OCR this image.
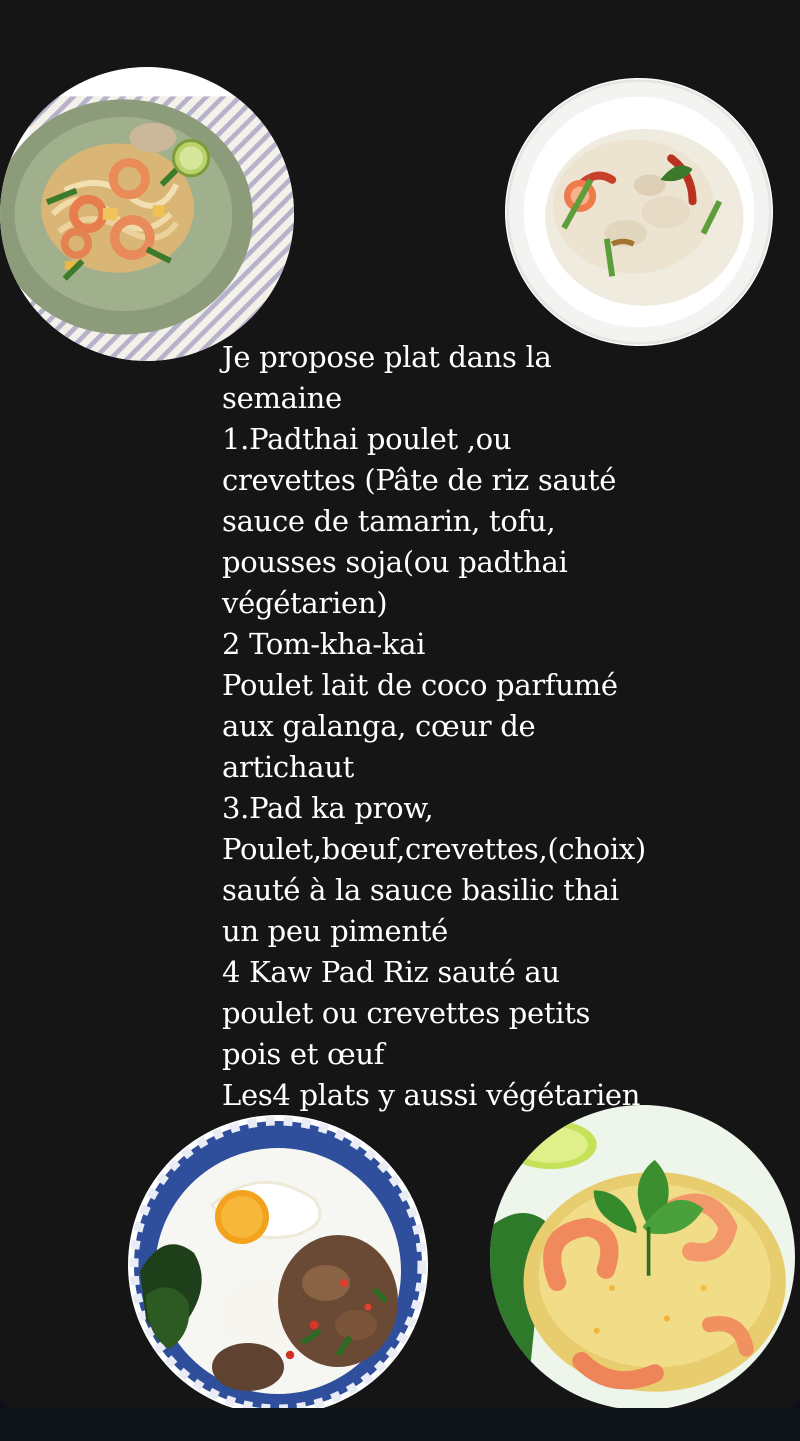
Je propose plat dans la
semaine
1.Padthai poulet ,ou
crevettes (Pâte de riz sauté
sauce de tamarin, tofu,
pousses soja(ou padthai
végétarien)
2 Tom-kha-kai
Poulet lait de coco parfumé
aux galanga, cœur de
artichaut
3.Pad ka prow,
Poulet,bœuf,crevettes,(choix)
sauté à la sauce basilic thai
un peu pimenté
4 Kaw Pad Riz sauté au
poulet ou crevettes petits
pois et œuf
Les4 plats y aussi végétarien
